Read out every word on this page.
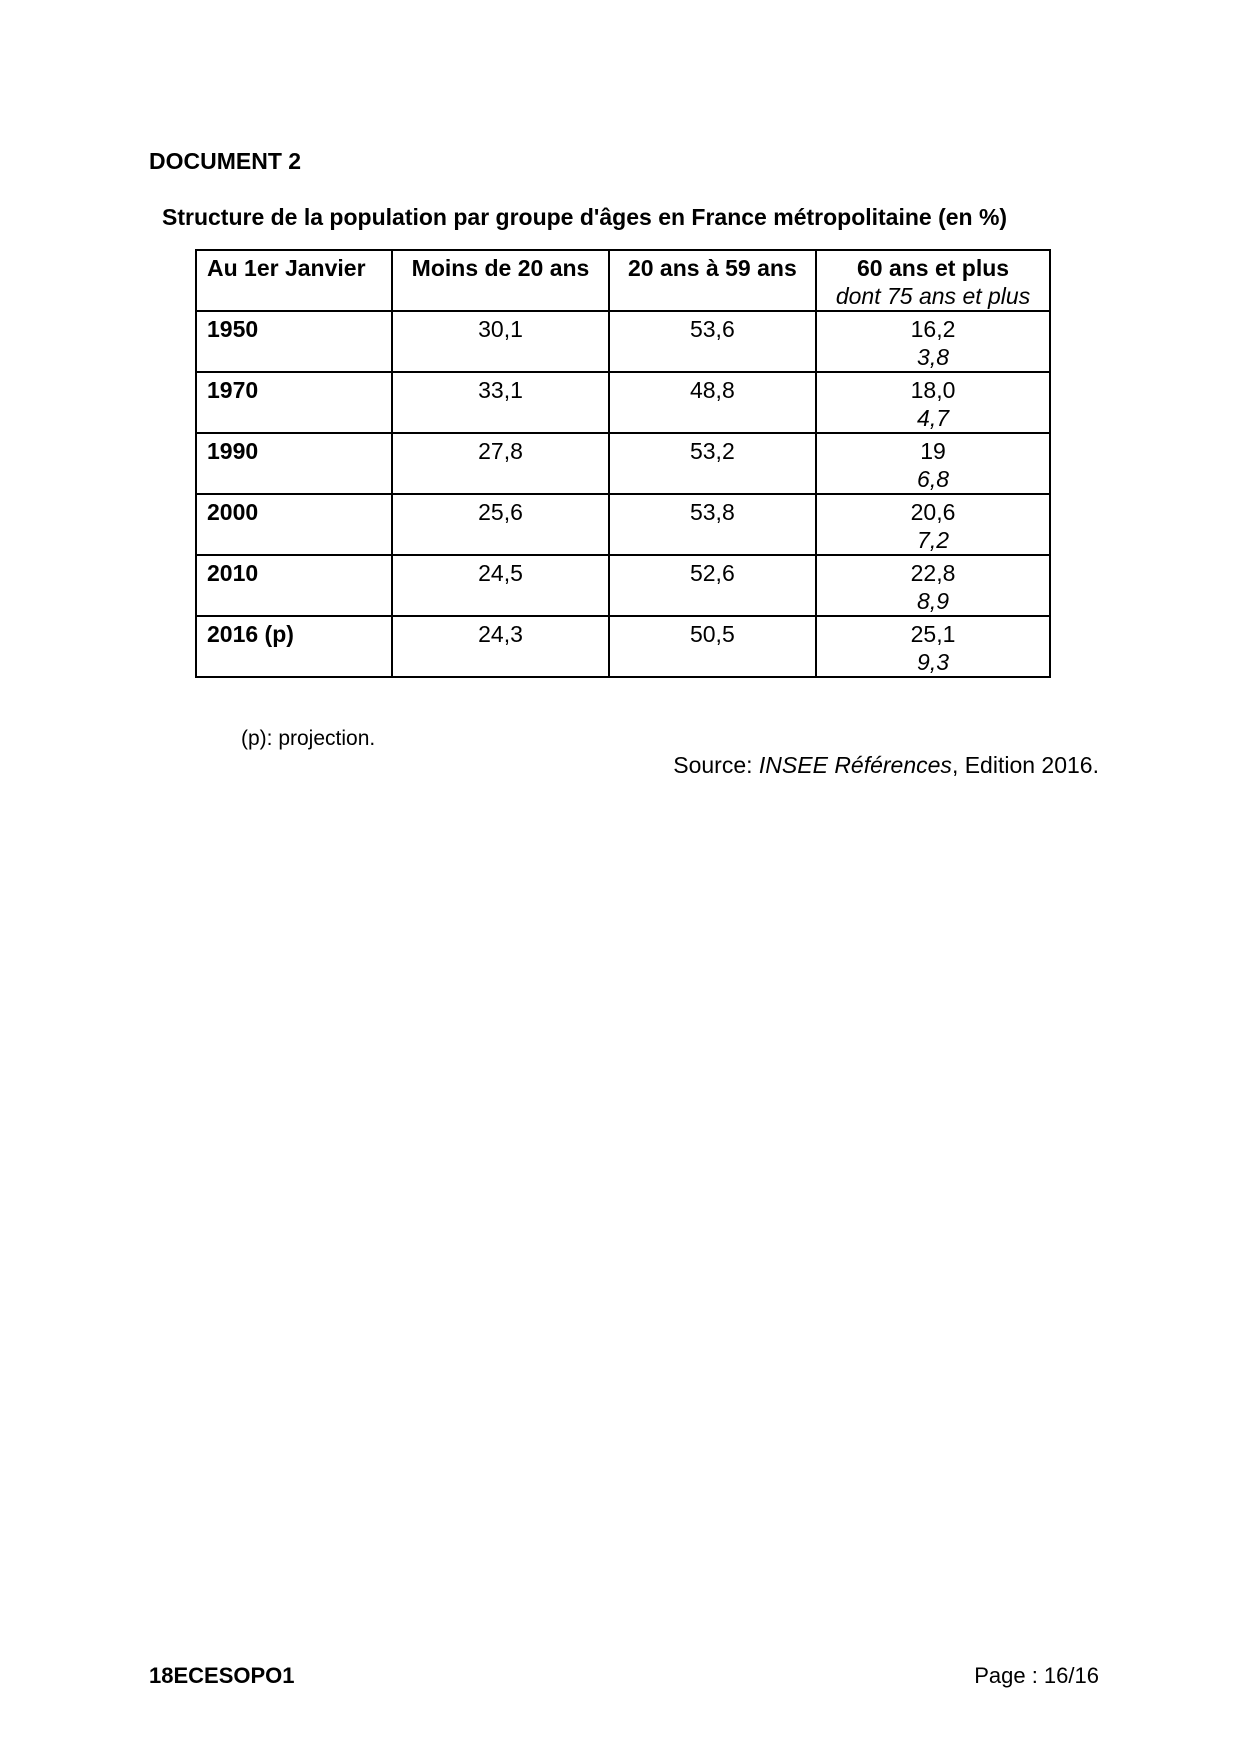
DOCUMENT 2
Structure de la population par groupe d'âges en France métropolitaine (en %)
Au 1er Janvier	Moins de 20 ans	20 ans à 59 ans	60 ans et plus
dont 75 ans et plus

1950	30,1	53,6	16,2
3,8

1970	33,1	48,8	18,0
4,7

1990	27,8	53,2	19
6,8

2000	25,6	53,8	20,6
7,2

2010	24,5	52,6	22,8
8,9

2016 (p)	24,3	50,5	25,1
9,3
(p): projection.
Source: INSEE Références, Edition 2016.
18ECESOPO1	Page : 16/16
